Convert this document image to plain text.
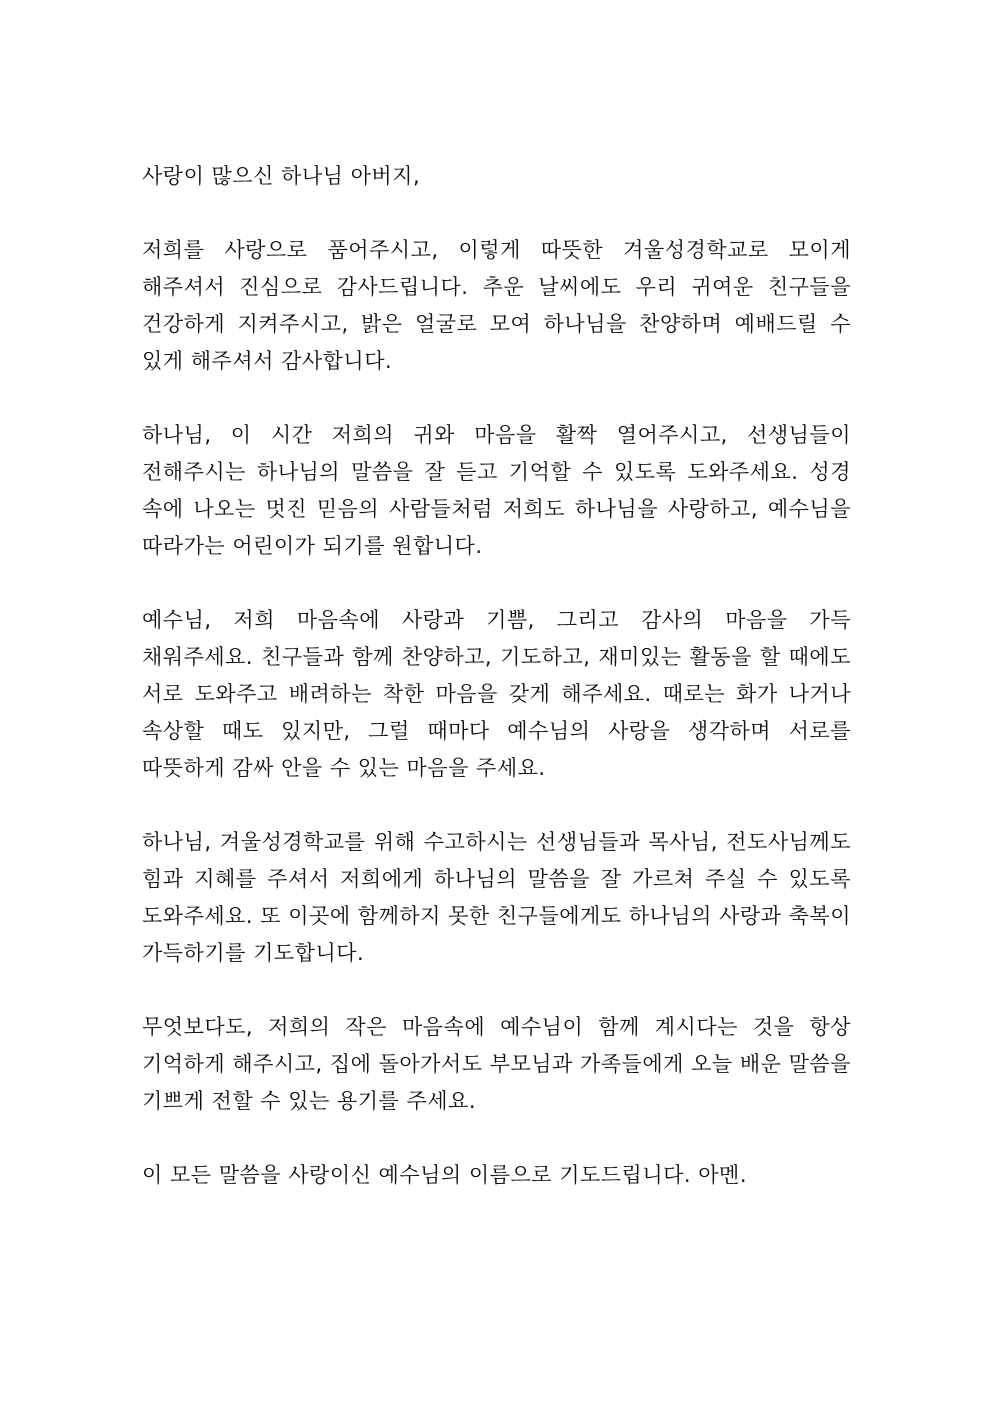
사랑이 많으신 하나님 아버지,

저희를 사랑으로 품어주시고, 이렇게 따뜻한 겨울성경학교로 모이게 해주셔서 진심으로 감사드립니다. 추운 날씨에도 우리 귀여운 친구들을 건강하게 지켜주시고, 밝은 얼굴로 모여 하나님을 찬양하며 예배드릴 수 있게 해주셔서 감사합니다.

하나님, 이 시간 저희의 귀와 마음을 활짝 열어주시고, 선생님들이 전해주시는 하나님의 말씀을 잘 듣고 기억할 수 있도록 도와주세요. 성경 속에 나오는 멋진 믿음의 사람들처럼 저희도 하나님을 사랑하고, 예수님을 따라가는 어린이가 되기를 원합니다.

예수님, 저희 마음속에 사랑과 기쁨, 그리고 감사의 마음을 가득 채워주세요. 친구들과 함께 찬양하고, 기도하고, 재미있는 활동을 할 때에도 서로 도와주고 배려하는 착한 마음을 갖게 해주세요. 때로는 화가 나거나 속상할 때도 있지만, 그럴 때마다 예수님의 사랑을 생각하며 서로를 따뜻하게 감싸 안을 수 있는 마음을 주세요.

하나님, 겨울성경학교를 위해 수고하시는 선생님들과 목사님, 전도사님께도 힘과 지혜를 주셔서 저희에게 하나님의 말씀을 잘 가르쳐 주실 수 있도록 도와주세요. 또 이곳에 함께하지 못한 친구들에게도 하나님의 사랑과 축복이 가득하기를 기도합니다.

무엇보다도, 저희의 작은 마음속에 예수님이 함께 계시다는 것을 항상 기억하게 해주시고, 집에 돌아가서도 부모님과 가족들에게 오늘 배운 말씀을 기쁘게 전할 수 있는 용기를 주세요.

이 모든 말씀을 사랑이신 예수님의 이름으로 기도드립니다. 아멘.
